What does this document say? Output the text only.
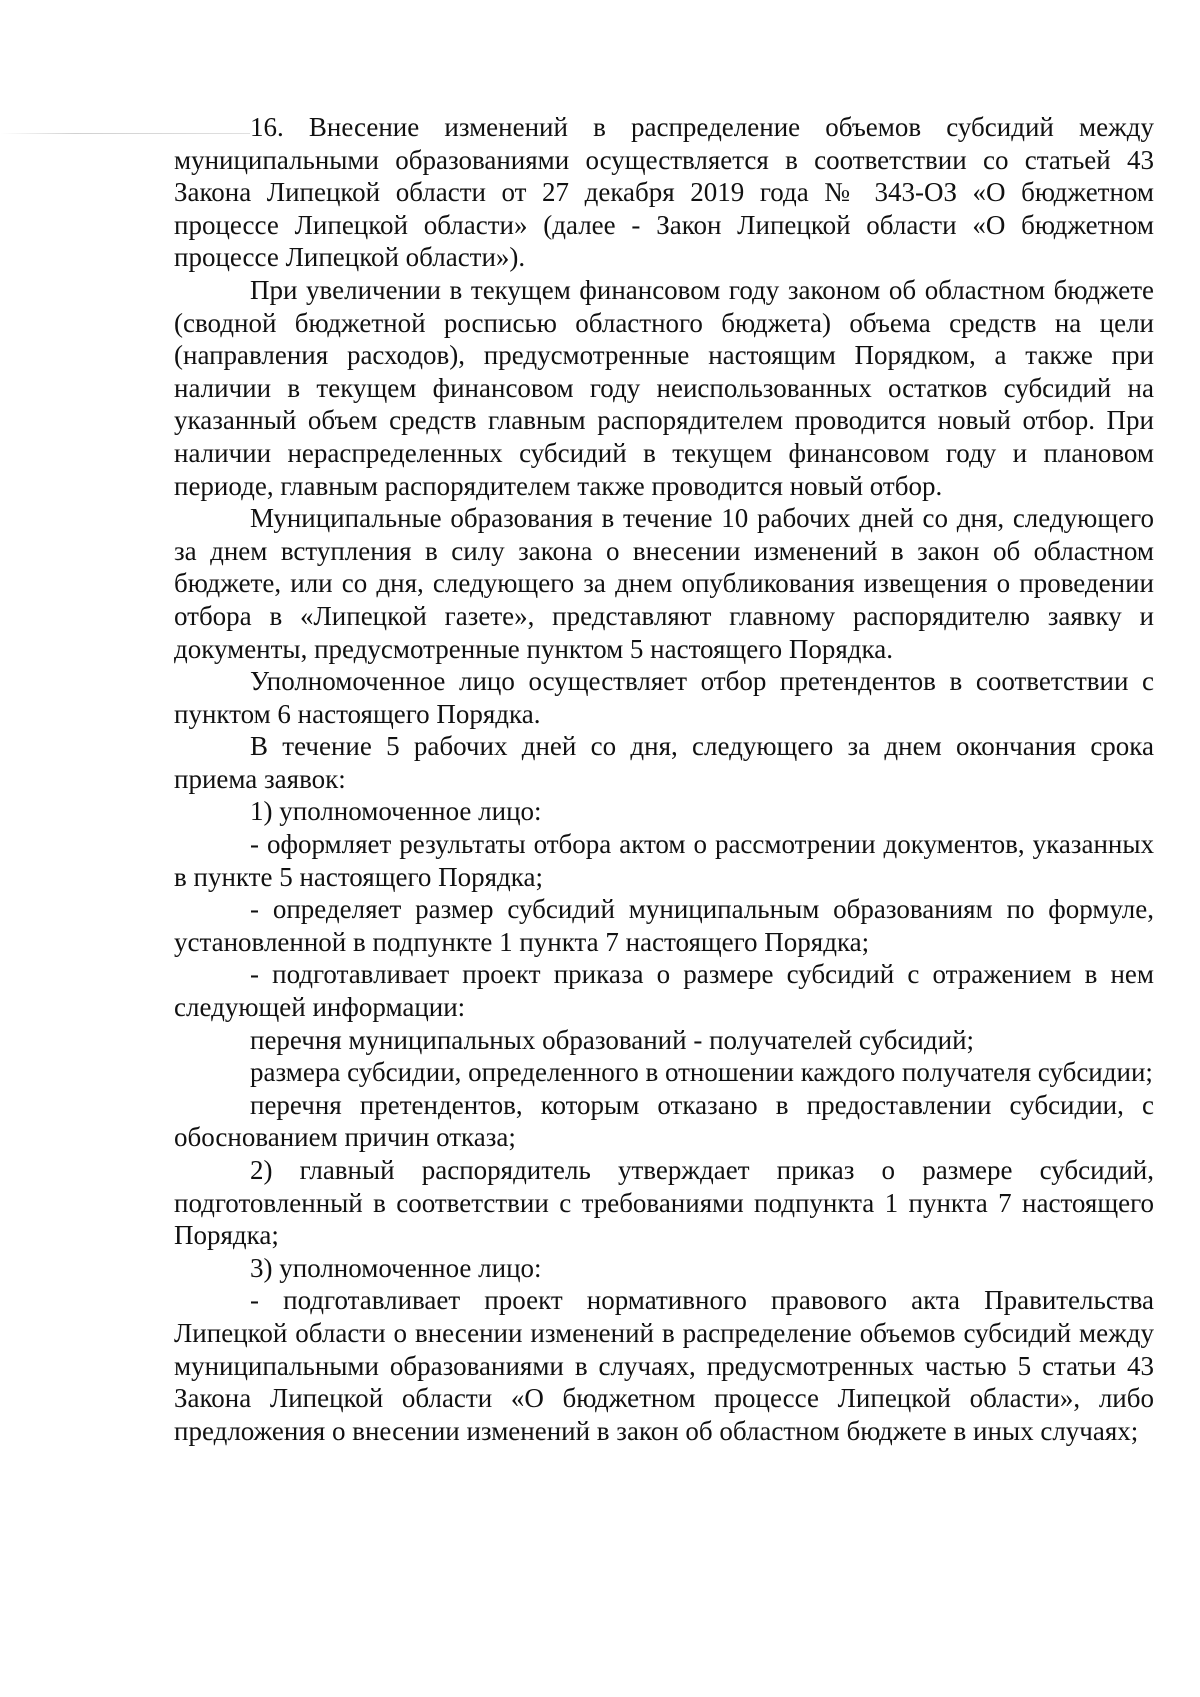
16. Внесение изменений в распределение объемов субсидий между муниципальными образованиями осуществляется в соответствии со статьей 43 Закона Липецкой области от 27 декабря 2019 года № 343-ОЗ «О бюджетном процессе Липецкой области» (далее - Закон Липецкой области «О бюджетном процессе Липецкой области»).

При увеличении в текущем финансовом году законом об областном бюджете (сводной бюджетной росписью областного бюджета) объема средств на цели (направления расходов), предусмотренные настоящим Порядком, а также при наличии в текущем финансовом году неиспользованных остатков субсидий на указанный объем средств главным распорядителем проводится новый отбор. При наличии нераспределенных субсидий в текущем финансовом году и плановом периоде, главным распорядителем также проводится новый отбор.

Муниципальные образования в течение 10 рабочих дней со дня, следующего за днем вступления в силу закона о внесении изменений в закон об областном бюджете, или со дня, следующего за днем опубликования извещения о проведении отбора в «Липецкой газете», представляют главному распорядителю заявку и документы, предусмотренные пунктом 5 настоящего Порядка.

Уполномоченное лицо осуществляет отбор претендентов в соответствии с пунктом 6 настоящего Порядка.

В течение 5 рабочих дней со дня, следующего за днем окончания срока приема заявок:

1) уполномоченное лицо:

- оформляет результаты отбора актом о рассмотрении документов, указанных в пункте 5 настоящего Порядка;

- определяет размер субсидий муниципальным образованиям по формуле, установленной в подпункте 1 пункта 7 настоящего Порядка;

- подготавливает проект приказа о размере субсидий с отражением в нем следующей информации:

перечня муниципальных образований - получателей субсидий;

размера субсидии, определенного в отношении каждого получателя субсидии;

перечня претендентов, которым отказано в предоставлении субсидии, с обоснованием причин отказа;

2) главный распорядитель утверждает приказ о размере субсидий, подготовленный в соответствии с требованиями подпункта 1 пункта 7 настоящего Порядка;

3) уполномоченное лицо:

- подготавливает проект нормативного правового акта Правительства Липецкой области о внесении изменений в распределение объемов субсидий между муниципальными образованиями в случаях, предусмотренных частью 5 статьи 43 Закона Липецкой области «О бюджетном процессе Липецкой области», либо предложения о внесении изменений в закон об областном бюджете в иных случаях;
